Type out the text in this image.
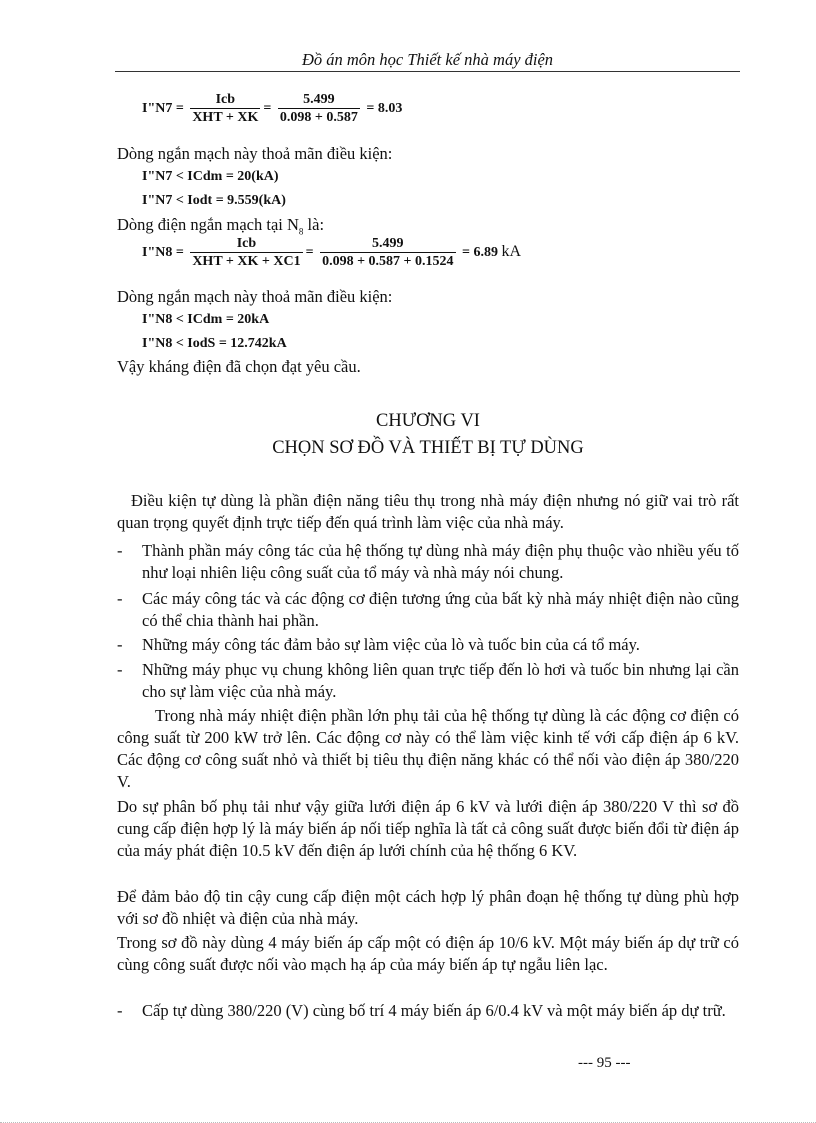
Đồ án môn học Thiết kế nhà máy điện
I"N7 = $\frac{\text{Icb}}{\text{XHT + XK}} = \frac{5.499}{0.098 + 0.587} = 8.03$
Dòng ngắn mạch này thoả mãn điều kiện:
I"N7 < ICdm = 20(kA)
I"N7 < Iodt = 9.559(kA)
Dòng điện ngắn mạch tại $N_8$ là:
I"N8 = $\frac{\text{Icb}}{\text{XHT + XK + XC1}} = \frac{5.499}{0.098 + 0.587 + 0.1524} = 6.89$ kA
Dòng ngắn mạch này thoả mãn điều kiện:
I"N8 < ICdm = 20kA
I"N8 < IodS = 12.742kA
Vậy kháng điện đã chọn đạt yêu cầu.
CHƯƠNG VI
CHỌN SƠ ĐỒ VÀ THIẾT BỊ TỰ DÙNG
Điều kiện tự dùng là phần điện năng tiêu thụ trong nhà máy điện nhưng nó giữ vai trò rất quan trọng quyết định trực tiếp đến quá trình làm việc của nhà máy.
- Thành phần máy công tác của hệ thống tự dùng nhà máy điện phụ thuộc vào nhiều yếu tố như loại nhiên liệu công suất của tổ máy và nhà máy nói chung.
- Các máy công tác và các động cơ điện tương ứng của bất kỳ nhà máy nhiệt điện nào cũng có thể chia thành hai phần.
- Những máy công tác đảm bảo sự làm việc của lò và tuốc bin của cá tổ máy.
- Những máy phục vụ chung không liên quan trực tiếp đến lò hơi và tuốc bin nhưng lại cần cho sự làm việc của nhà máy.
Trong nhà máy nhiệt điện phần lớn phụ tải của hệ thống tự dùng là các động cơ điện có công suất từ 200 kW trở lên. Các động cơ này có thể làm việc kinh tế với cấp điện áp 6 kV. Các động cơ công suất nhỏ và thiết bị tiêu thụ điện năng khác có thể nối vào điện áp 380/220 V.
Do sự phân bố phụ tải như vậy giữa lưới điện áp 6 kV và lưới điện áp 380/220 V thì sơ đồ cung cấp điện hợp lý là máy biến áp nối tiếp nghĩa là tất cả công suất được biến đổi từ điện áp của máy phát điện 10.5 kV đến điện áp lưới chính của hệ thống 6 KV.
Để đảm bảo độ tin cậy cung cấp điện một cách hợp lý phân đoạn hệ thống tự dùng phù hợp với sơ đồ nhiệt và điện của nhà máy.
Trong sơ đồ này dùng 4 máy biến áp cấp một có điện áp 10/6 kV. Một máy biến áp dự trữ có cùng công suất được nối vào mạch hạ áp của máy biến áp tự ngẫu liên lạc.
- Cấp tự dùng 380/220 (V) cùng bố trí 4 máy biến áp 6/0.4 kV và một máy biến áp dự trữ.
--- 95 ---
